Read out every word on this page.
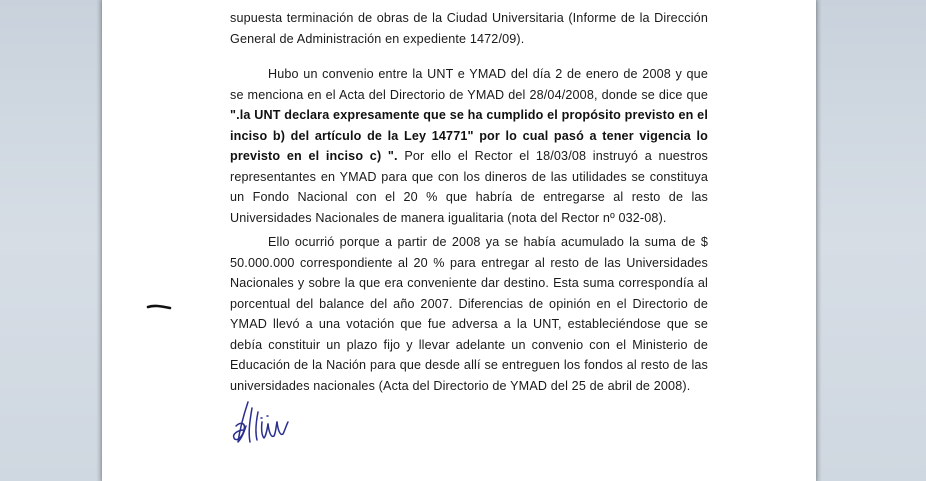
supuesta terminación de obras de la Ciudad Universitaria (Informe de la Dirección General de Administración en expediente 1472/09).
Hubo un convenio entre la UNT e YMAD del día 2 de enero de 2008 y que se menciona en el Acta del Directorio de YMAD del 28/04/2008, donde se dice que ".la UNT declara expresamente que se ha cumplido el propósito previsto en el inciso b) del artículo de la Ley 14771" por lo cual pasó a tener vigencia lo previsto en el inciso c) ". Por ello el Rector el 18/03/08 instruyó a nuestros representantes en YMAD para que con los dineros de las utilidades se constituya un Fondo Nacional con el 20 % que habría de entregarse al resto de las Universidades Nacionales de manera igualitaria (nota del Rector nº 032-08).
Ello ocurrió porque a partir de 2008 ya se había acumulado la suma de $ 50.000.000 correspondiente al 20 % para entregar al resto de las Universidades Nacionales y sobre la que era conveniente dar destino. Esta suma correspondía al porcentual del balance del año 2007. Diferencias de opinión en el Directorio de YMAD llevó a una votación que fue adversa a la UNT, estableciéndose que se debía constituir un plazo fijo y llevar adelante un convenio con el Ministerio de Educación de la Nación para que desde allí se entreguen los fondos al resto de las universidades nacionales (Acta del Directorio de YMAD del 25 de abril de 2008).
